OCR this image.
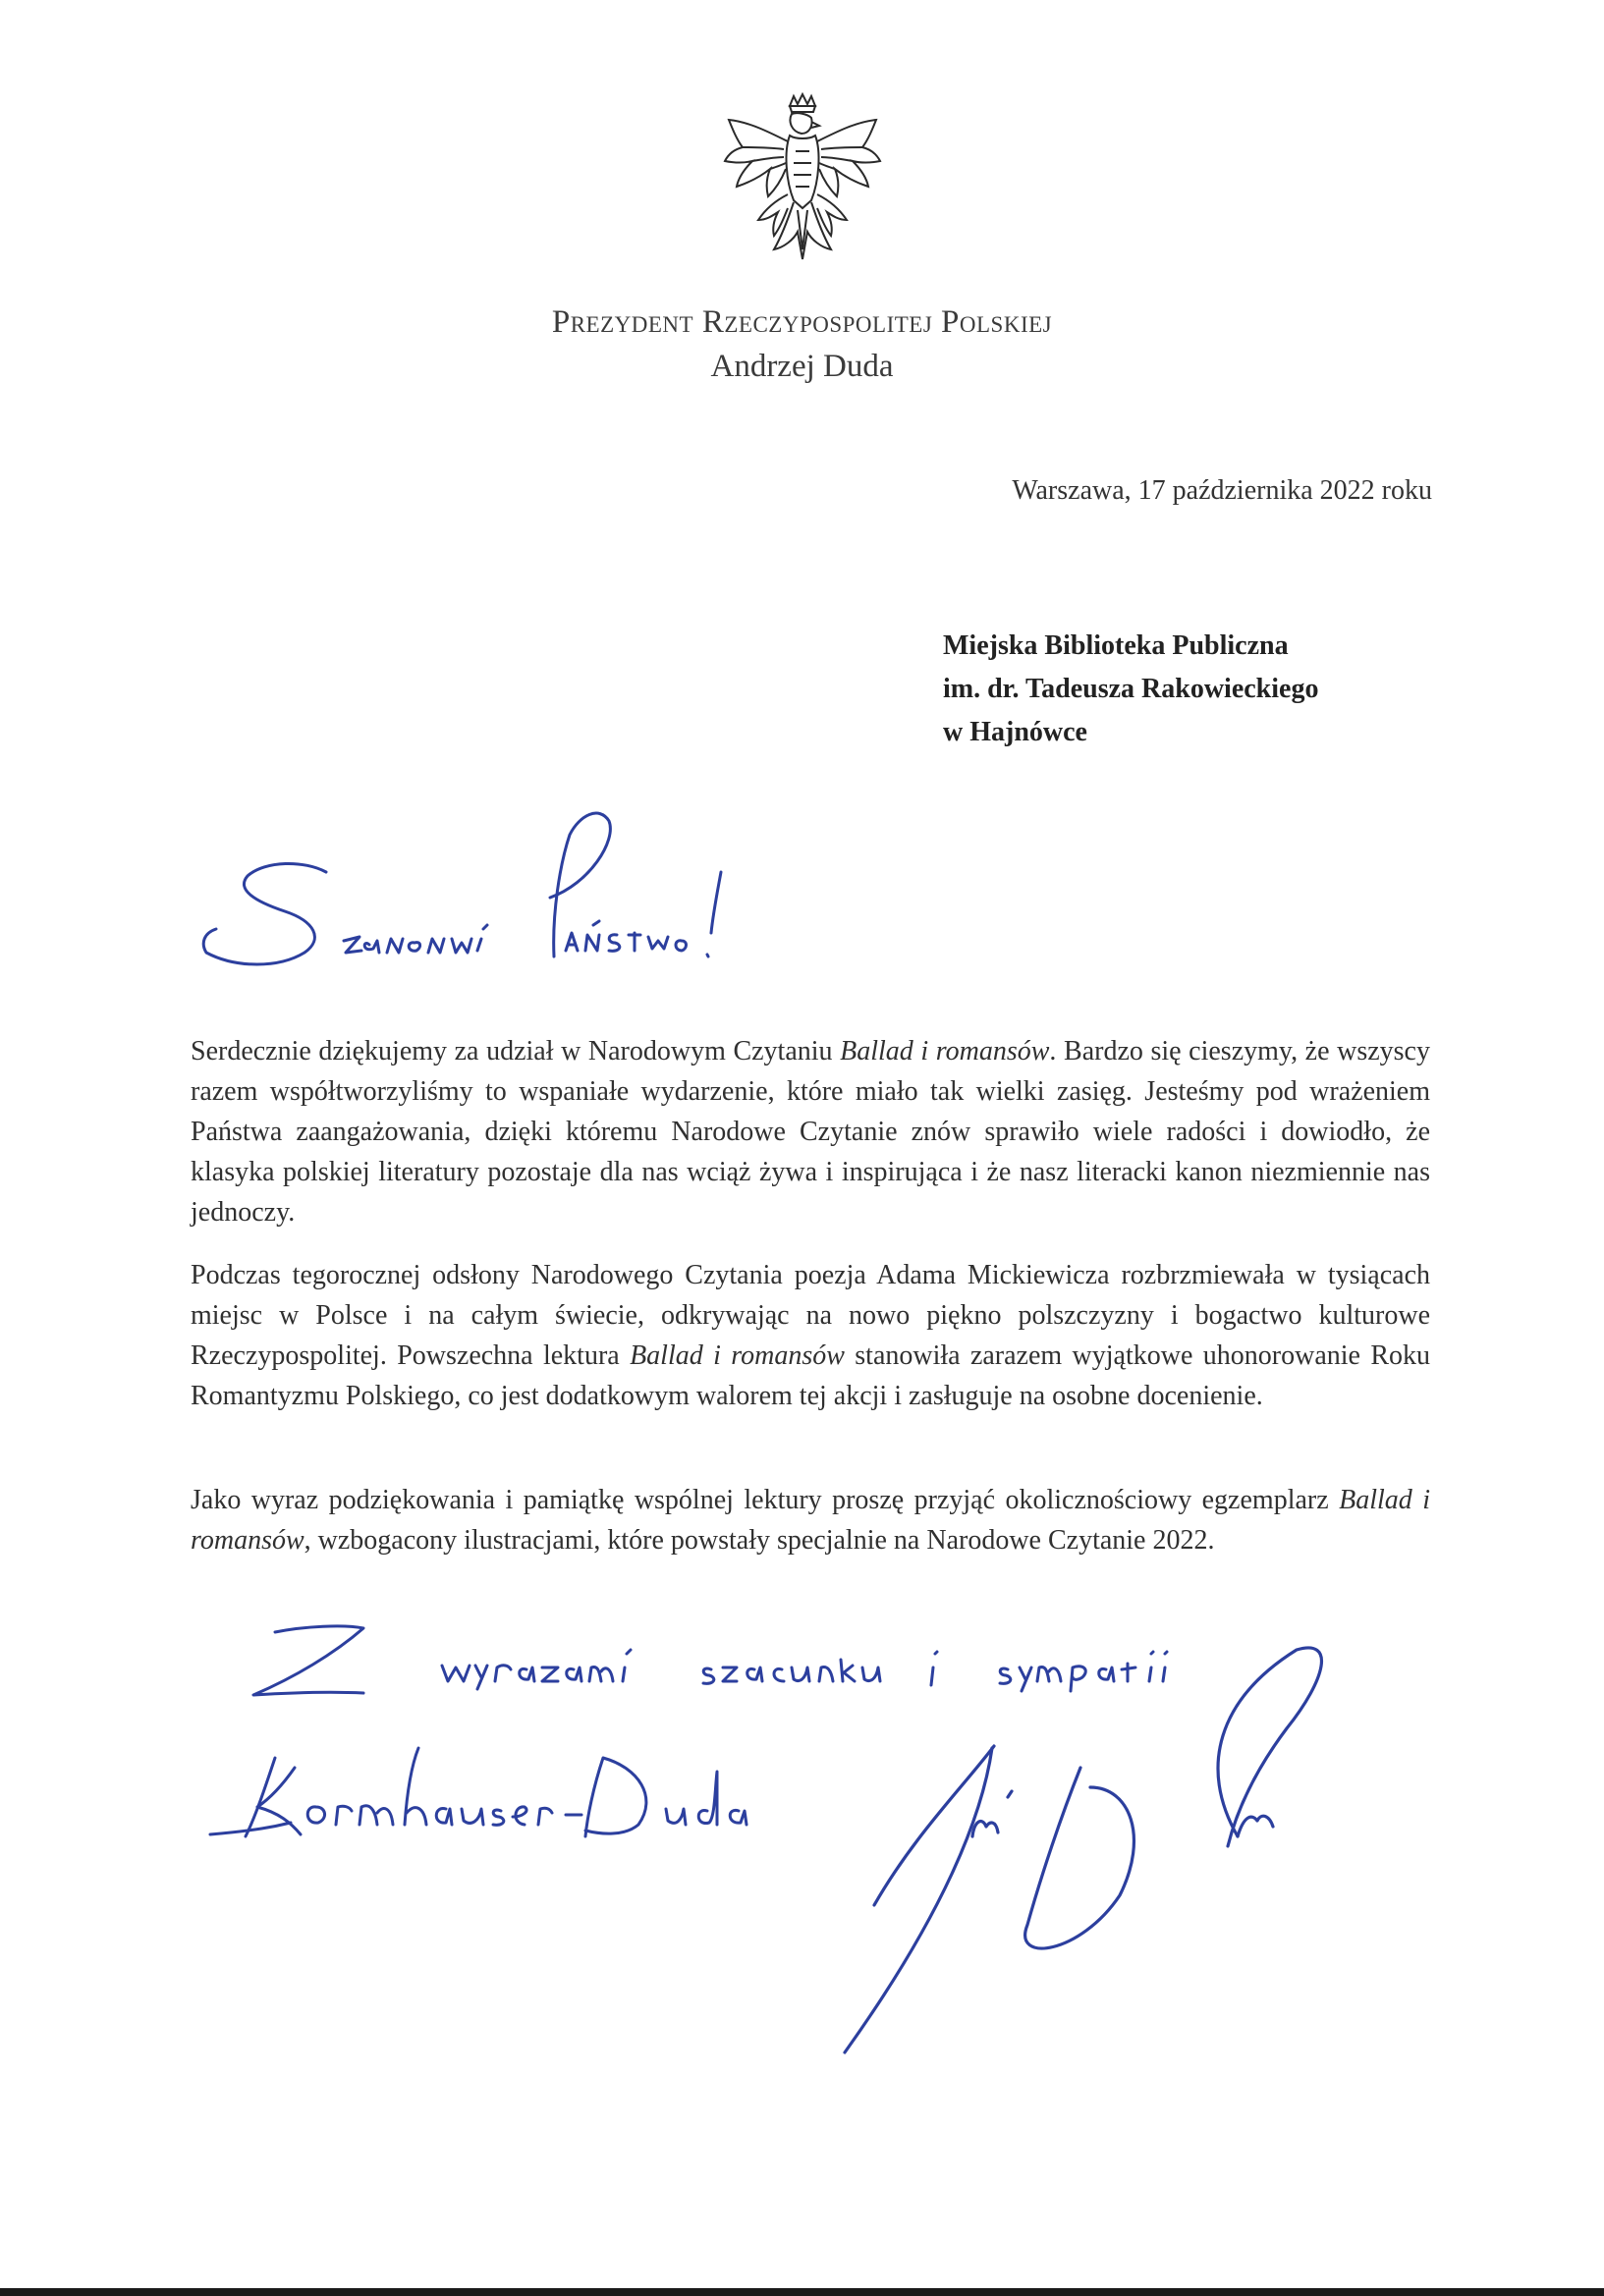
Prezydent Rzeczypospolitej Polskiej
Andrzej Duda
Warszawa, 17 października 2022 roku
Miejska Biblioteka Publiczna
im. dr. Tadeusza Rakowieckiego
w Hajnówce

Serdecznie dziękujemy za udział w Narodowym Czytaniu Ballad i romansów. Bardzo się cieszymy, że wszyscy razem współtworzyliśmy to wspaniałe wydarzenie, które miało tak wielki zasięg. Jesteśmy pod wrażeniem Państwa zaangażowania, dzięki któremu Narodowe Czytanie znów sprawiło wiele radości i dowiodło, że klasyka polskiej literatury pozostaje dla nas wciąż żywa i inspirująca i że nasz literacki kanon niezmiennie nas jednoczy.

Podczas tegorocznej odsłony Narodowego Czytania poezja Adama Mickiewicza rozbrzmiewała w tysiącach miejsc w Polsce i na całym świecie, odkrywając na nowo piękno polszczyzny i bogactwo kulturowe Rzeczypospolitej. Powszechna lektura Ballad i romansów stanowiła zarazem wyjątkowe uhonorowanie Roku Romantyzmu Polskiego, co jest dodatkowym walorem tej akcji i zasługuje na osobne docenienie.

Jako wyraz podziękowania i pamiątkę wspólnej lektury proszę przyjąć okolicznościowy egzemplarz Ballad i romansów, wzbogacony ilustracjami, które powstały specjalnie na Narodowe Czytanie 2022.
